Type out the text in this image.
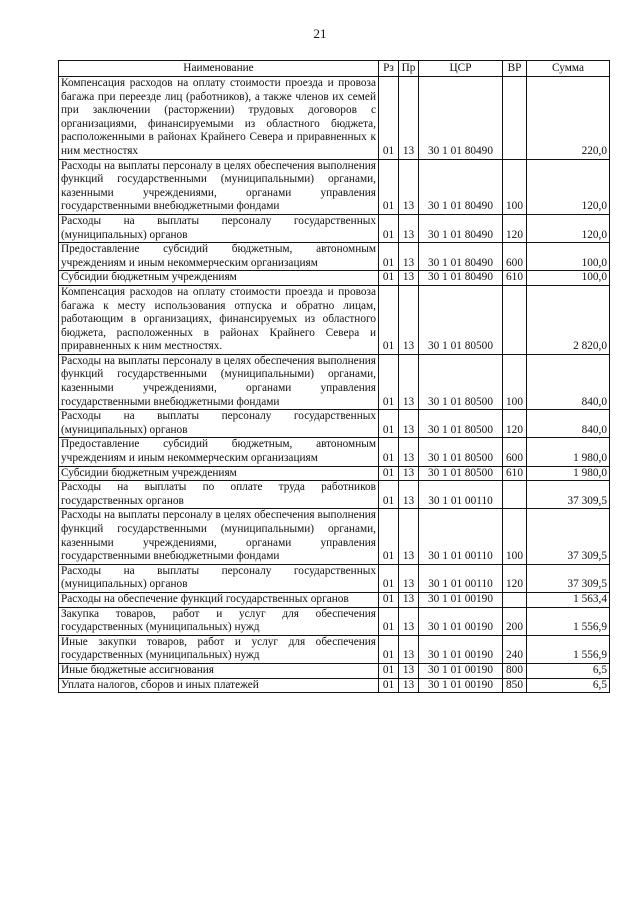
21
Наименование	Рз	Пр	ЦСР	ВР	Сумма
Компенсация расходов на оплату стоимости проезда и провоза багажа при переезде лиц (работников), а также членов их семей при заключении (расторжении) трудовых договоров с организациями, финансируемыми из областного бюджета, расположенными в районах Крайнего Севера и приравненных к ним местностях	01	13	30 1 01 80490		220,0
Расходы на выплаты персоналу в целях обеспечения выполнения функций государственными (муниципальными) органами, казенными учреждениями, органами управления государственными внебюджетными фондами	01	13	30 1 01 80490	100	120,0
Расходы на выплаты персоналу государственных (муниципальных) органов	01	13	30 1 01 80490	120	120,0
Предоставление субсидий бюджетным, автономным учреждениям и иным некоммерческим организациям	01	13	30 1 01 80490	600	100,0
Субсидии бюджетным учреждениям	01	13	30 1 01 80490	610	100,0
Компенсация расходов на оплату стоимости проезда и провоза багажа к месту использования отпуска и обратно лицам, работающим в организациях, финансируемых из областного бюджета, расположенных в районах Крайнего Севера и приравненных к ним местностях.	01	13	30 1 01 80500		2 820,0
Расходы на выплаты персоналу в целях обеспечения выполнения функций государственными (муниципальными) органами, казенными учреждениями, органами управления государственными внебюджетными фондами	01	13	30 1 01 80500	100	840,0
Расходы на выплаты персоналу государственных (муниципальных) органов	01	13	30 1 01 80500	120	840,0
Предоставление субсидий бюджетным, автономным учреждениям и иным некоммерческим организациям	01	13	30 1 01 80500	600	1 980,0
Субсидии бюджетным учреждениям	01	13	30 1 01 80500	610	1 980,0
Расходы на выплаты по оплате труда работников государственных органов	01	13	30 1 01 00110		37 309,5
Расходы на выплаты персоналу в целях обеспечения выполнения функций государственными (муниципальными) органами, казенными учреждениями, органами управления государственными внебюджетными фондами	01	13	30 1 01 00110	100	37 309,5
Расходы на выплаты персоналу государственных (муниципальных) органов	01	13	30 1 01 00110	120	37 309,5
Расходы на обеспечение функций государственных органов	01	13	30 1 01 00190		1 563,4
Закупка товаров, работ и услуг для обеспечения государственных (муниципальных) нужд	01	13	30 1 01 00190	200	1 556,9
Иные закупки товаров, работ и услуг для обеспечения государственных (муниципальных) нужд	01	13	30 1 01 00190	240	1 556,9
Иные бюджетные ассигнования	01	13	30 1 01 00190	800	6,5
Уплата налогов, сборов и иных платежей	01	13	30 1 01 00190	850	6,5
